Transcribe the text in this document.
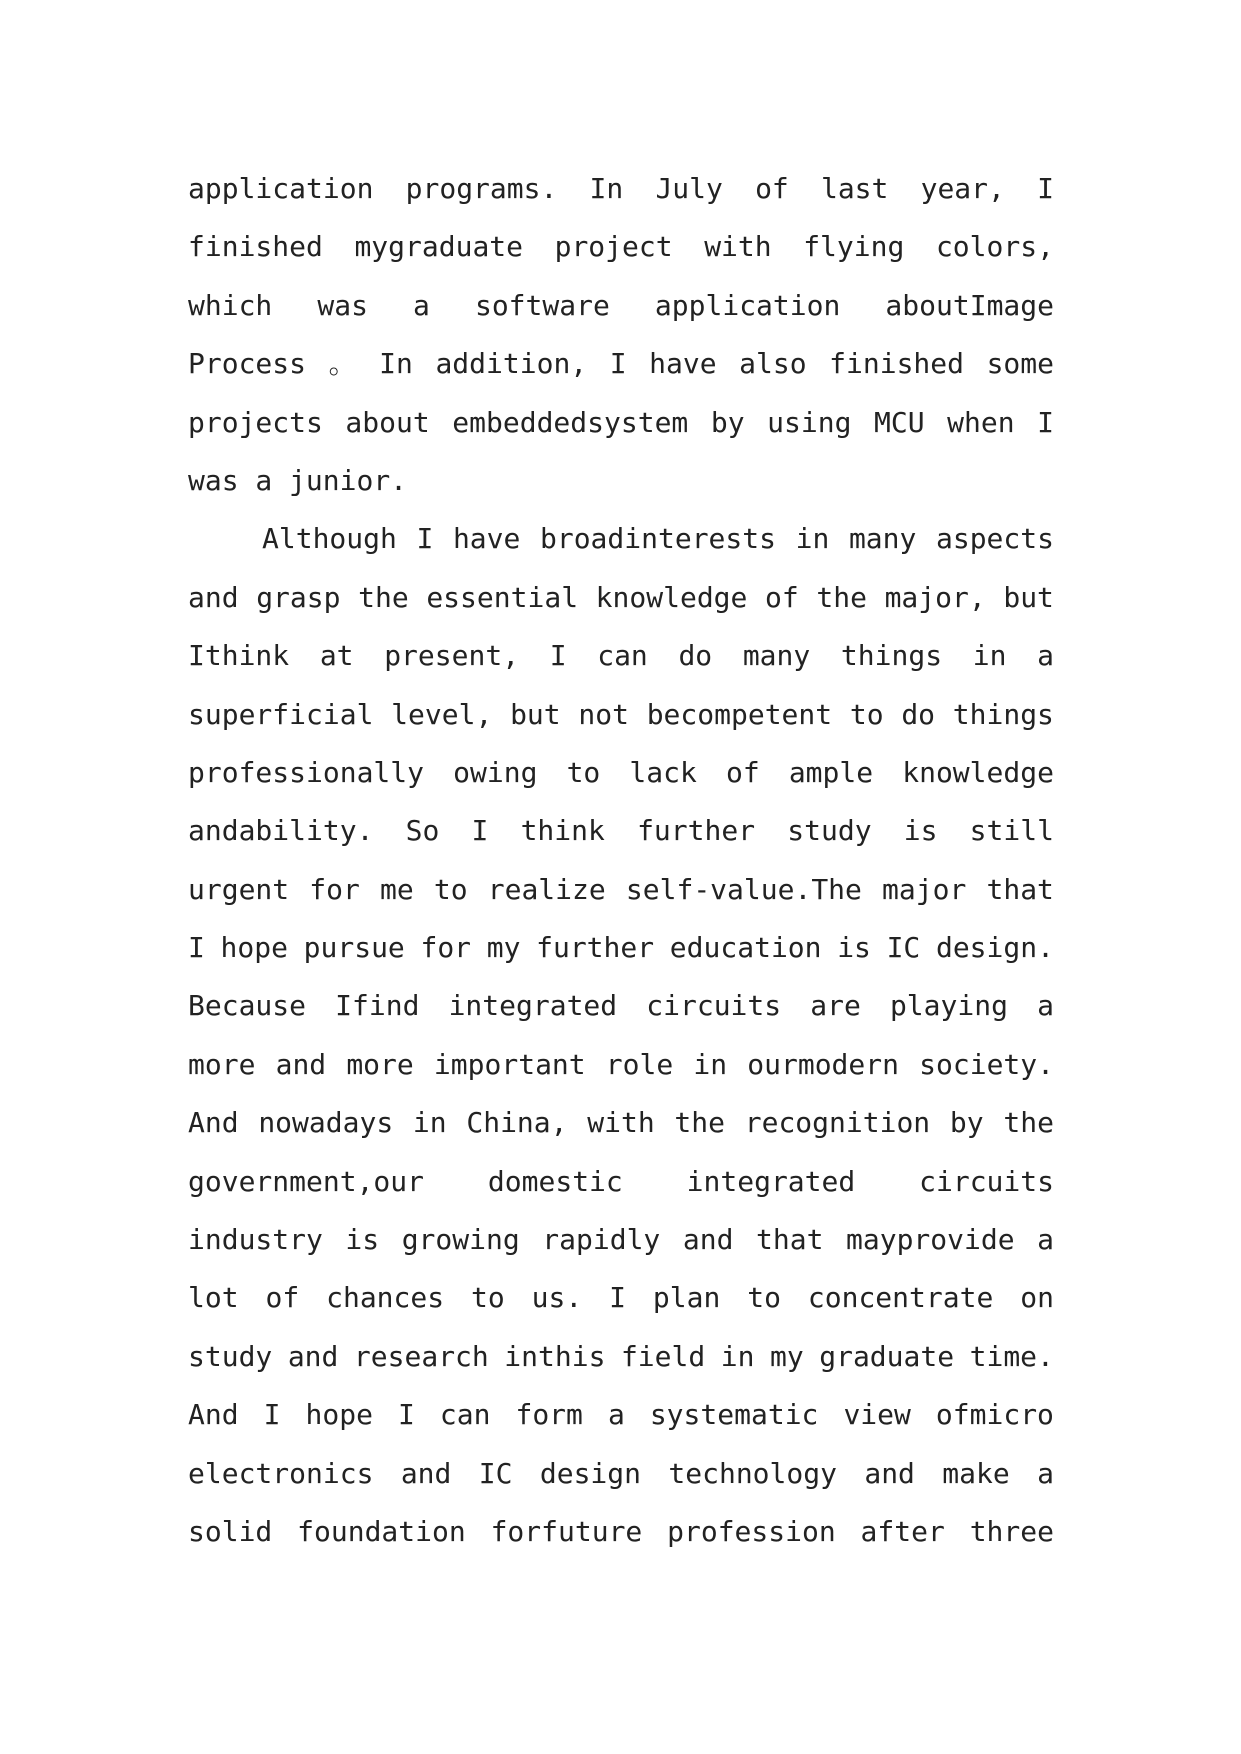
application programs. In July of last year, I
finished mygraduate project with flying colors,
which was a software application aboutImage
Process 。 In addition, I have also finished some
projects about embeddedsystem by using MCU when I
was a junior.
Although I have broadinterests in many aspects
and grasp the essential knowledge of the major, but
Ithink at present, I can do many things in a
superficial level, but not becompetent to do things
professionally owing to lack of ample knowledge
andability. So I think further study is still
urgent for me to realize self-value.The major that
I hope pursue for my further education is IC design.
Because Ifind integrated circuits are playing a
more and more important role in ourmodern society.
And nowadays in China, with the recognition by the
government,our domestic integrated circuits
industry is growing rapidly and that mayprovide a
lot of chances to us. I plan to concentrate on
study and research inthis field in my graduate time.
And I hope I can form a systematic view ofmicro
electronics and IC design technology and make a
solid foundation forfuture profession after three
